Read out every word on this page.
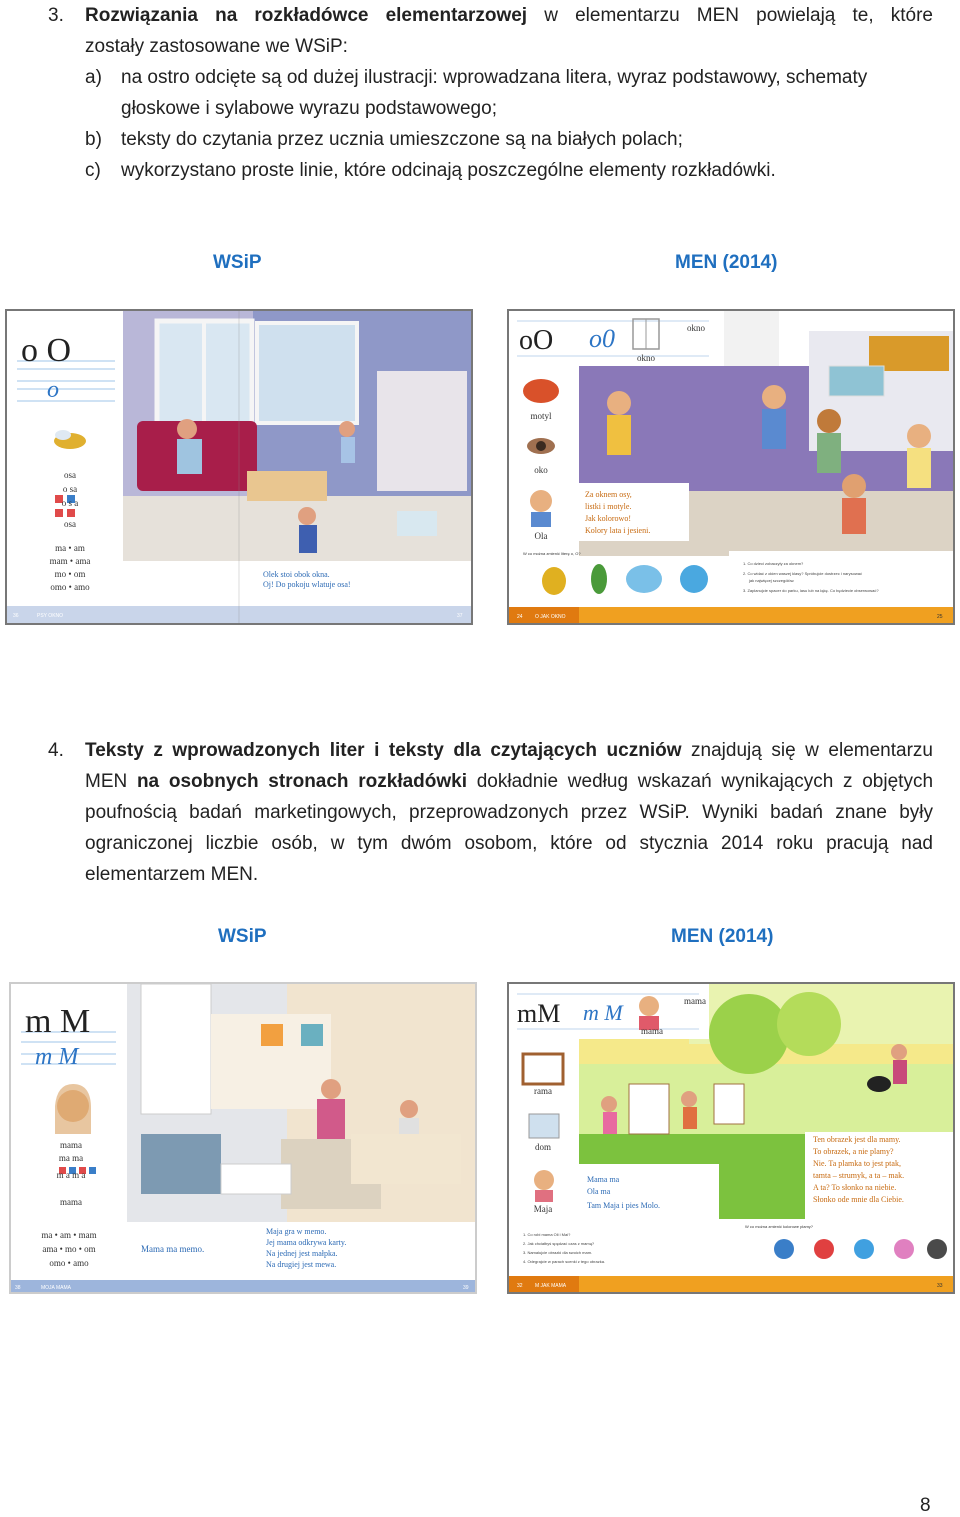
3. Rozwiązania na rozkładówce elementarzowej w elementarzu MEN powielają te, które
zostały zastosowane we WSiP:
a) na ostro odcięte są od dużej ilustracji: wprowadzana litera, wyraz podstawowy, schematy
głoskowe i sylabowe wyrazu podstawowego;
b) teksty do czytania przez ucznia umieszczone są na białych polach;
c) wykorzystano proste linie, które odcinają poszczególne elementy rozkładówki.
WSiP	MEN (2014)
o O
o
osa
o sa
o s a
osa
ma • am
mam • ama
mo • om
omo • amo
Olek stoi obok okna.
Oj! Do pokoju wlatuje osa!
36	PSY OKNO	37
oO o0
okno
okno
motyl
oko
Ola
Za oknem osy,
listki i motyle.
Jak kolorowo!
Kolory lata i jesieni.
W co można zmienić literę o, O?
1. Co dzieci zobaczyły za oknem?
2. Co widać z okien waszej klasy? Spróbujcie dostrzec i narysować
jak najwięcej szczegółów.
3. Zaplanujcie spacer do parku, lasu lub na łąkę. Co będziecie obserwować?
24 O JAK OKNO	25
4. Teksty z wprowadzonych liter i teksty dla czytających uczniów znajdują się w elementarzu
MEN na osobnych stronach rozkładówki dokładnie według wskazań wynikających z objętych
poufnością badań marketingowych, przeprowadzonych przez WSiP. Wyniki badań znane były
ograniczonej liczbie osób, w tym dwóm osobom, które od stycznia 2014 roku pracują nad
elementarzem MEN.
WSiP	MEN (2014)
m M
m M
mama
ma ma
m a m a
mama
ma • am • mam
ama • mo • om
omo • amo
Mama ma memo.
Maja gra w memo.
Jej mama odkrywa karty.
Na jednej jest małpka.
Na drugiej jest mewa.
38	MOJA MAMA	39
mM m M
mama
mama
rama
dom
Maja
Mama ma
Ola ma
Tam Maja i pies Molo.
Ten obrazek jest dla mamy.
To obrazek, a nie plamy?
Nie. Ta plamka to jest ptak,
tamta – strumyk, a ta – mak.
A ta? To słonko na niebie.
Słonko ode mnie dla Ciebie.
W co można zmienić kolorowe plamy?
1. Co robi mama Oli i Mai?
2. Jak chciałbyś spędzać czas z mamą?
3. Namalujcie obrazki dla swoich mam.
4. Odegrajcie w parach scenki z tego obrazka.
32 M JAK MAMA	33
8
